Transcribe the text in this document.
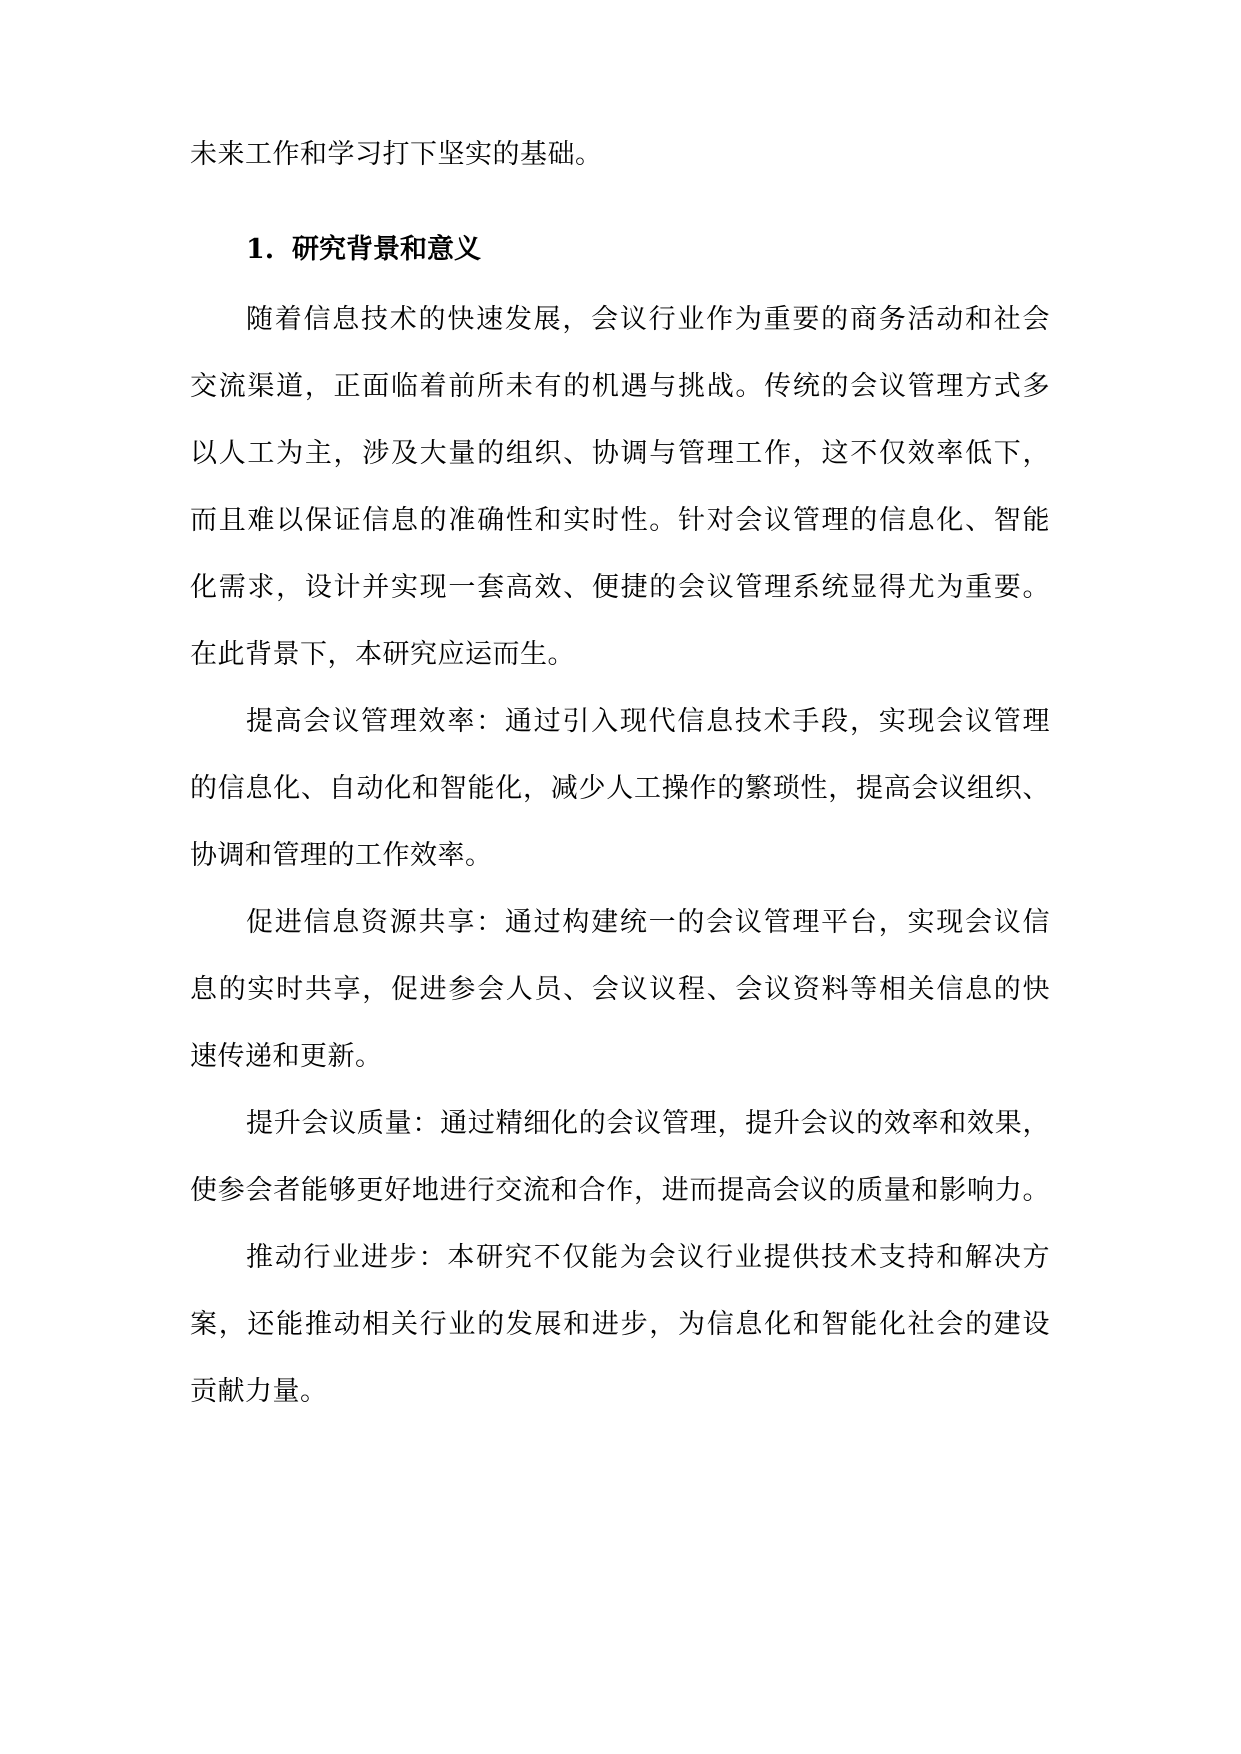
未来工作和学习打下坚实的基础。
1. 研究背景和意义
随着信息技术的快速发展，会议行业作为重要的商务活动和社会
交流渠道，正面临着前所未有的机遇与挑战。传统的会议管理方式多
以人工为主，涉及大量的组织、协调与管理工作，这不仅效率低下，
而且难以保证信息的准确性和实时性。针对会议管理的信息化、智能
化需求，设计并实现一套高效、便捷的会议管理系统显得尤为重要。
在此背景下，本研究应运而生。
提高会议管理效率：通过引入现代信息技术手段，实现会议管理
的信息化、自动化和智能化，减少人工操作的繁琐性，提高会议组织、
协调和管理的工作效率。
促进信息资源共享：通过构建统一的会议管理平台，实现会议信
息的实时共享，促进参会人员、会议议程、会议资料等相关信息的快
速传递和更新。
提升会议质量：通过精细化的会议管理，提升会议的效率和效果，
使参会者能够更好地进行交流和合作，进而提高会议的质量和影响力。
推动行业进步：本研究不仅能为会议行业提供技术支持和解决方
案，还能推动相关行业的发展和进步，为信息化和智能化社会的建设
贡献力量。
